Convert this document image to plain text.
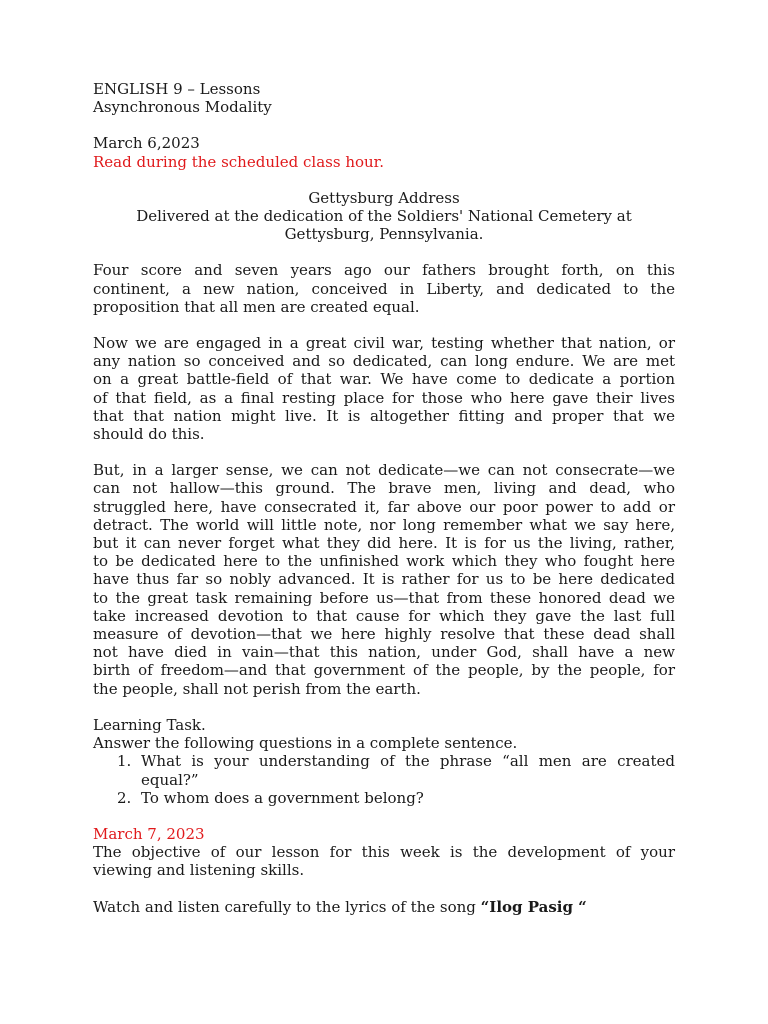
ENGLISH 9 – Lessons
Asynchronous Modality
March 6,2023
Read during the scheduled class hour.
Gettysburg Address
Delivered at the dedication of the Soldiers' National Cemetery at
Gettysburg, Pennsylvania.
Four score and seven years ago our fathers brought forth, on this
continent, a new nation, conceived in Liberty, and dedicated to the
proposition that all men are created equal.
Now we are engaged in a great civil war, testing whether that nation, or
any nation so conceived and so dedicated, can long endure. We are met
on a great battle-field of that war. We have come to dedicate a portion
of that field, as a final resting place for those who here gave their lives
that that nation might live. It is altogether fitting and proper that we
should do this.
But, in a larger sense, we can not dedicate—we can not consecrate—we
can not hallow—this ground. The brave men, living and dead, who
struggled here, have consecrated it, far above our poor power to add or
detract. The world will little note, nor long remember what we say here,
but it can never forget what they did here. It is for us the living, rather,
to be dedicated here to the unfinished work which they who fought here
have thus far so nobly advanced. It is rather for us to be here dedicated
to the great task remaining before us—that from these honored dead we
take increased devotion to that cause for which they gave the last full
measure of devotion—that we here highly resolve that these dead shall
not have died in vain—that this nation, under God, shall have a new
birth of freedom—and that government of the people, by the people, for
the people, shall not perish from the earth.
Learning Task.
Answer the following questions in a complete sentence.
1. What is your understanding of the phrase “all men are created
equal?”
2. To whom does a government belong?
March 7, 2023
The objective of our lesson for this week is the development of your
viewing and listening skills.
Watch and listen carefully to the lyrics of the song “Ilog Pasig “
